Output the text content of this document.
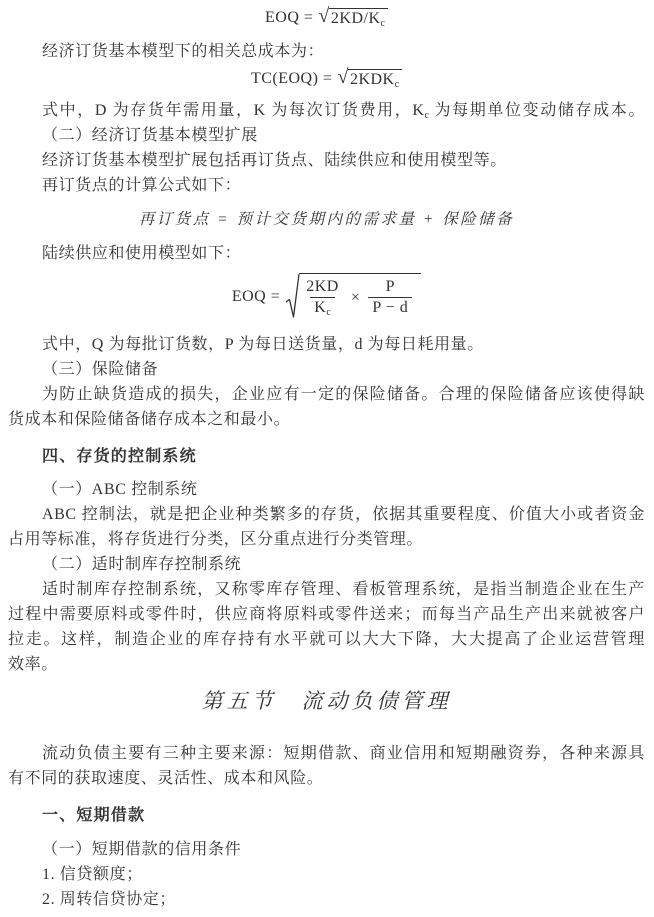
EOQ = √ $2KD/K_c$
经济订货基本模型下的相关总成本为：
TC(EOQ) = √ $2KDK_c$
式中，D 为存货年需用量，K 为每次订货费用，$K_c$ 为每期单位变动储存成本。
（二）经济订货基本模型扩展
经济订货基本模型扩展包括再订货点、陆续供应和使用模型等。
再订货点的计算公式如下：
再订货点 = 预计交货期内的需求量 + 保险储备
陆续供应和使用模型如下：
EOQ = $\frac{2KD}{K_c} \times \frac{P}{P - d}$
式中，Q 为每批订货数，P 为每日送货量，d 为每日耗用量。
（三）保险储备
为防止缺货造成的损失，企业应有一定的保险储备。合理的保险储备应该使得缺
货成本和保险储备储存成本之和最小。
四、存货的控制系统
（一）ABC 控制系统
ABC 控制法，就是把企业种类繁多的存货，依据其重要程度、价值大小或者资金
占用等标准，将存货进行分类，区分重点进行分类管理。
（二）适时制库存控制系统
适时制库存控制系统，又称零库存管理、看板管理系统，是指当制造企业在生产
过程中需要原料或零件时，供应商将原料或零件送来；而每当产品生产出来就被客户
拉走。这样，制造企业的库存持有水平就可以大大下降，大大提高了企业运营管理
效率。
第五节　流动负债管理
流动负债主要有三种主要来源：短期借款、商业信用和短期融资券，各种来源具
有不同的获取速度、灵活性、成本和风险。
一、短期借款
（一）短期借款的信用条件
1. 信贷额度；
2. 周转信贷协定；
